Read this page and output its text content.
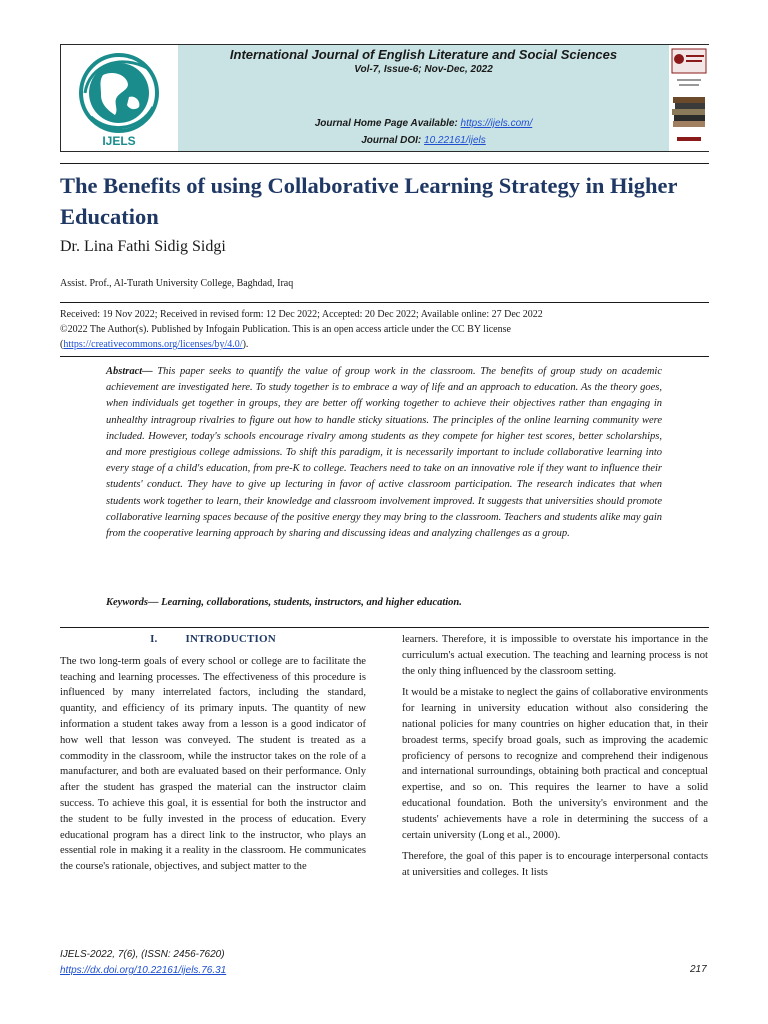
IJELS
International Journal of English Literature and Social Sciences
Vol-7, Issue-6; Nov-Dec, 2022
Journal Home Page Available: https://ijels.com/
Journal DOI: 10.22161/ijels
The Benefits of using Collaborative Learning Strategy in Higher Education
Dr. Lina Fathi Sidig Sidgi
Assist. Prof., Al-Turath University College, Baghdad, Iraq
Received: 19 Nov 2022; Received in revised form: 12 Dec 2022; Accepted: 20 Dec 2022; Available online: 27 Dec 2022
©2022 The Author(s). Published by Infogain Publication. This is an open access article under the CC BY license
(https://creativecommons.org/licenses/by/4.0/).
Abstract— This paper seeks to quantify the value of group work in the classroom. The benefits of group study on academic achievement are investigated here. To study together is to embrace a way of life and an approach to education. As the theory goes, when individuals get together in groups, they are better off working together to achieve their objectives rather than engaging in unhealthy intragroup rivalries to figure out how to handle sticky situations. The principles of the online learning community were included. However, today's schools encourage rivalry among students as they compete for higher test scores, better scholarships, and more prestigious college admissions. To shift this paradigm, it is necessarily important to include collaborative learning into every stage of a child's education, from pre-K to college. Teachers need to take on an innovative role if they want to influence their students' conduct. They have to give up lecturing in favor of active classroom participation. The research indicates that when students work together to learn, their knowledge and classroom involvement improved. It suggests that universities should promote collaborative learning spaces because of the positive energy they may bring to the classroom. Teachers and students alike may gain from the cooperative learning approach by sharing and discussing ideas and analyzing challenges as a group.
Keywords— Learning, collaborations, students, instructors, and higher education.
I.	INTRODUCTION

The two long-term goals of every school or college are to facilitate the teaching and learning processes. The effectiveness of this procedure is influenced by many interrelated factors, including the standard, quantity, and efficiency of its primary inputs. The quantity of new information a student takes away from a lesson is a good indicator of how well that lesson was conveyed. The student is treated as a commodity in the classroom, while the instructor takes on the role of a manufacturer, and both are evaluated based on their performance. Only after the student has grasped the material can the instructor claim success. To achieve this goal, it is essential for both the instructor and the student to be fully invested in the process of education. Every educational program has a direct link to the instructor, who plays an essential role in making it a reality in the classroom. He communicates the course's rationale, objectives, and subject matter to the

learners. Therefore, it is impossible to overstate his importance in the curriculum's actual execution. The teaching and learning process is not the only thing influenced by the classroom setting.

It would be a mistake to neglect the gains of collaborative environments for learning in university education without also considering the national policies for many countries on higher education that, in their broadest terms, specify broad goals, such as improving the academic proficiency of persons to recognize and comprehend their indigenous and international surroundings, obtaining both practical and conceptual expertise, and so on. This requires the learner to have a solid educational foundation. Both the university's environment and the students' achievements have a role in determining the success of a certain university (Long et al., 2000).

Therefore, the goal of this paper is to encourage interpersonal contacts at universities and colleges. It lists

IJELS-2022, 7(6), (ISSN: 2456-7620)
https://dx.doi.org/10.22161/ijels.76.31	217
